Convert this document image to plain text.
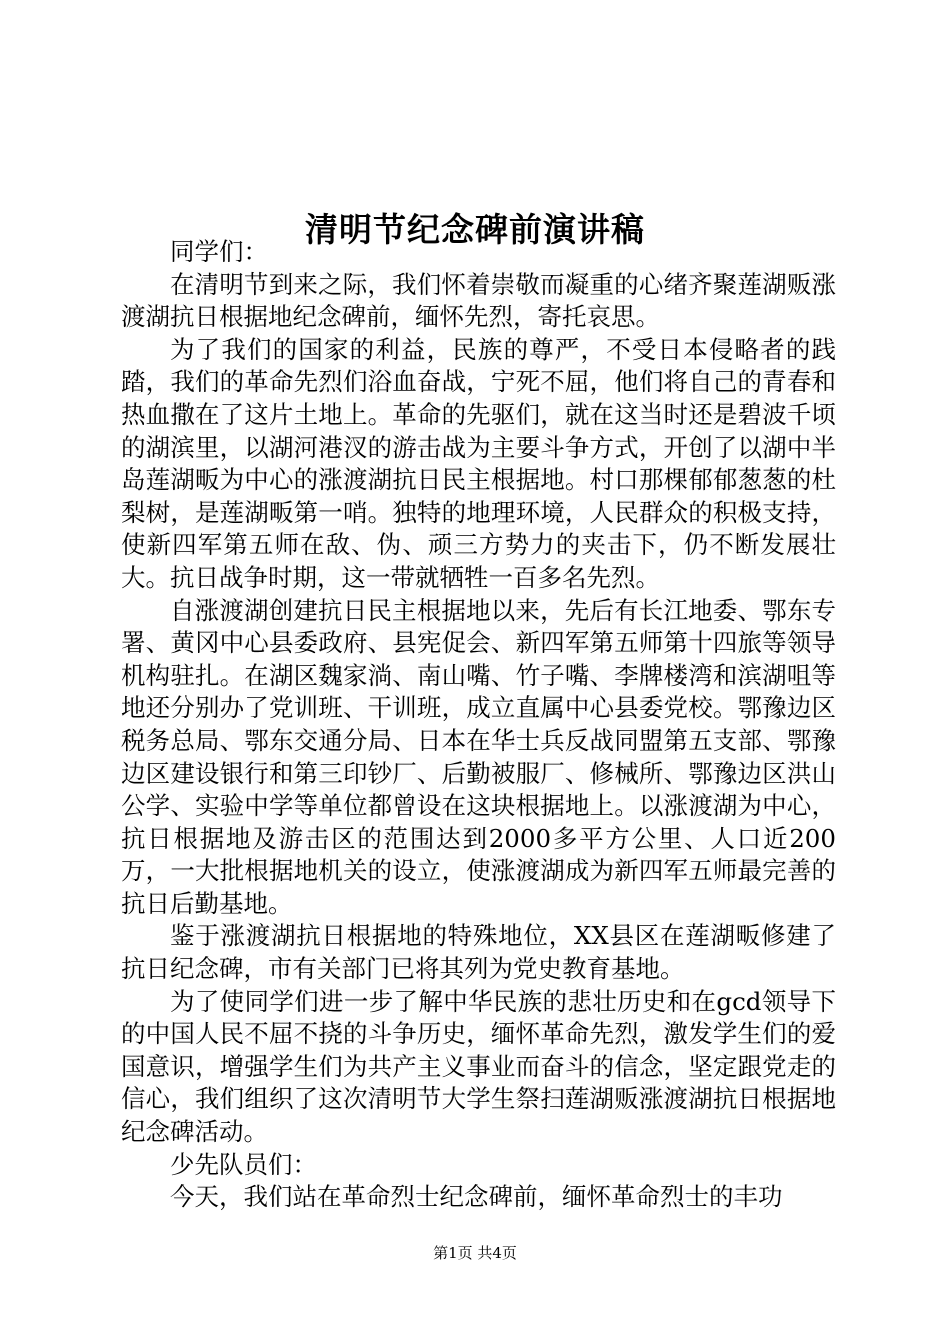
清明节纪念碑前演讲稿

同学们：

在清明节到来之际，我们怀着崇敬而凝重的心绪齐聚莲湖贩涨渡湖抗日根据地纪念碑前，缅怀先烈，寄托哀思。

为了我们的国家的利益，民族的尊严，不受日本侵略者的践踏，我们的革命先烈们浴血奋战，宁死不屈，他们将自己的青春和热血撒在了这片土地上。革命的先驱们，就在这当时还是碧波千顷的湖滨里，以湖河港汊的游击战为主要斗争方式，开创了以湖中半岛莲湖畈为中心的涨渡湖抗日民主根据地。村口那棵郁郁葱葱的杜梨树，是莲湖畈第一哨。独特的地理环境，人民群众的积极支持，使新四军第五师在敌、伪、顽三方势力的夹击下，仍不断发展壮大。抗日战争时期，这一带就牺牲一百多名先烈。

自涨渡湖创建抗日民主根据地以来，先后有长江地委、鄂东专署、黄冈中心县委政府、县宪促会、新四军第五师第十四旅等领导机构驻扎。在湖区魏家淌、南山嘴、竹子嘴、李牌楼湾和滨湖咀等地还分别办了党训班、干训班，成立直属中心县委党校。鄂豫边区税务总局、鄂东交通分局、日本在华士兵反战同盟第五支部、鄂豫边区建设银行和第三印钞厂、后勤被服厂、修械所、鄂豫边区洪山公学、实验中学等单位都曾设在这块根据地上。以涨渡湖为中心，抗日根据地及游击区的范围达到2000多平方公里、人口近200万，一大批根据地机关的设立，使涨渡湖成为新四军五师最完善的抗日后勤基地。

鉴于涨渡湖抗日根据地的特殊地位，XX县区在莲湖畈修建了抗日纪念碑，市有关部门已将其列为党史教育基地。

为了使同学们进一步了解中华民族的悲壮历史和在gcd领导下的中国人民不屈不挠的斗争历史，缅怀革命先烈，激发学生们的爱国意识，增强学生们为共产主义事业而奋斗的信念，坚定跟党走的信心，我们组织了这次清明节大学生祭扫莲湖贩涨渡湖抗日根据地纪念碑活动。

少先队员们：

今天，我们站在革命烈士纪念碑前，缅怀革命烈士的丰功

第1页 共4页
